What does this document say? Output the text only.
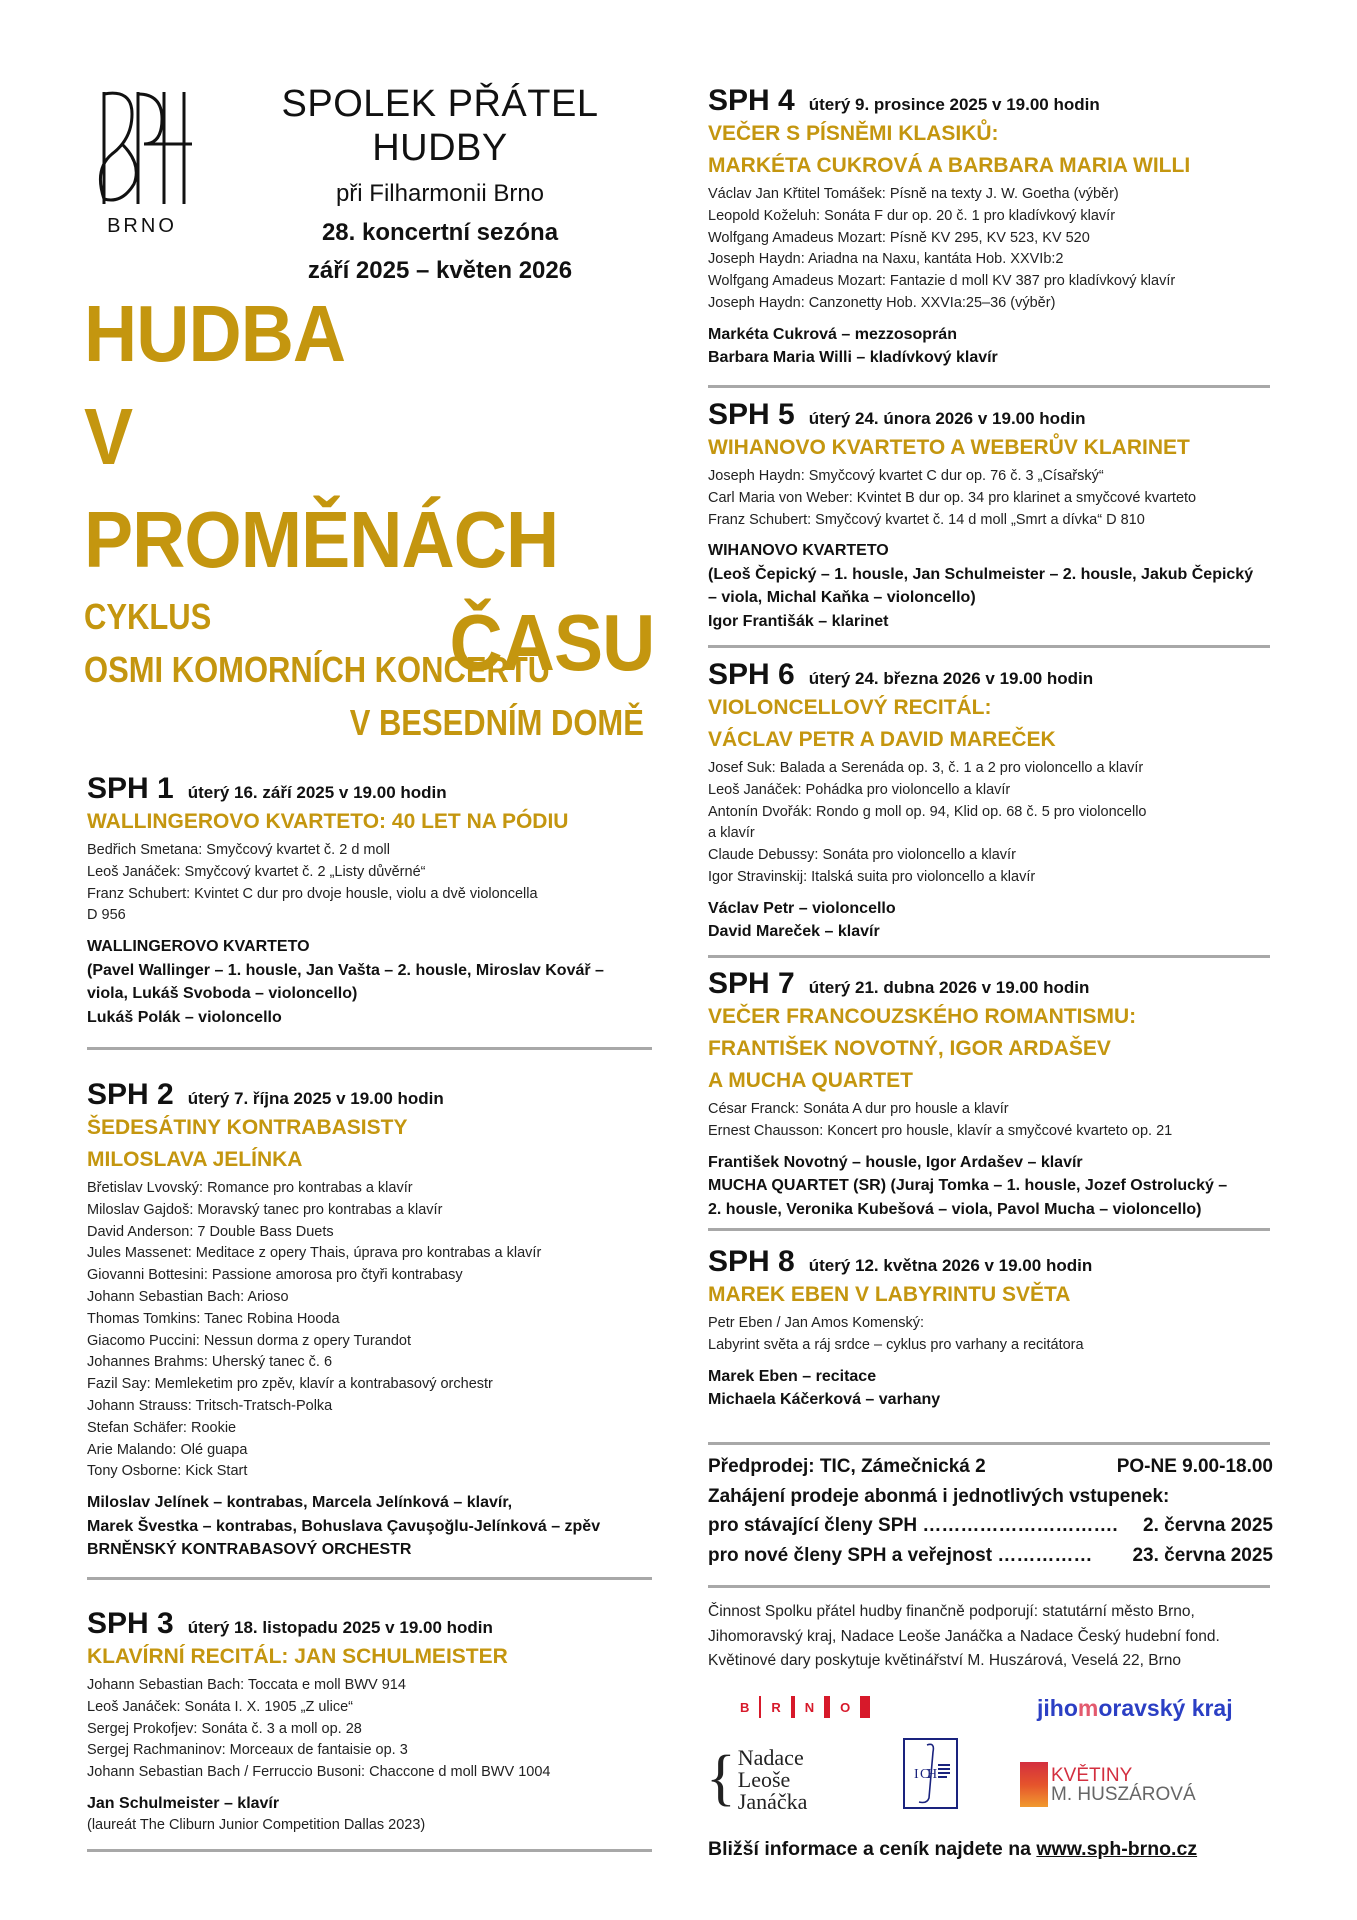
BRNO
SPOLEK PŘÁTEL HUDBY
při Filharmonii Brno
28. koncertní sezóna
září 2025 – květen 2026
HUDBA
V PROMĚNÁCH
ČASU
CYKLUS
OSMI KOMORNÍCH KONCERTŮ
V BESEDNÍM DOMĚ
SPH 1 úterý 16. září 2025 v 19.00 hodin
WALLINGEROVO KVARTETO: 40 LET NA PÓDIU
Bedřich Smetana: Smyčcový kvartet č. 2 d moll
Leoš Janáček: Smyčcový kvartet č. 2 „Listy důvěrné“
Franz Schubert: Kvintet C dur pro dvoje housle, violu a dvě violoncella
D 956
WALLINGEROVO KVARTETO
(Pavel Wallinger – 1. housle, Jan Vašta – 2. housle, Miroslav Kovář –
viola, Lukáš Svoboda – violoncello)
Lukáš Polák – violoncello
SPH 2 úterý 7. října 2025 v 19.00 hodin
ŠEDESÁTINY KONTRABASISTY
MILOSLAVA JELÍNKA
Břetislav Lvovský: Romance pro kontrabas a klavír
Miloslav Gajdoš: Moravský tanec pro kontrabas a klavír
David Anderson: 7 Double Bass Duets
Jules Massenet: Meditace z opery Thais, úprava pro kontrabas a klavír
Giovanni Bottesini: Passione amorosa pro čtyři kontrabasy
Johann Sebastian Bach: Arioso
Thomas Tomkins: Tanec Robina Hooda
Giacomo Puccini: Nessun dorma z opery Turandot
Johannes Brahms: Uherský tanec č. 6
Fazil Say: Memleketim pro zpěv, klavír a kontrabasový orchestr
Johann Strauss: Tritsch-Tratsch-Polka
Stefan Schäfer: Rookie
Arie Malando: Olé guapa
Tony Osborne: Kick Start
Miloslav Jelínek – kontrabas, Marcela Jelínková – klavír,
Marek Švestka – kontrabas, Bohuslava Çavuşoğlu-Jelínková – zpěv
BRNĚNSKÝ KONTRABASOVÝ ORCHESTR
SPH 3 úterý 18. listopadu 2025 v 19.00 hodin
KLAVÍRNÍ RECITÁL: JAN SCHULMEISTER
Johann Sebastian Bach: Toccata e moll BWV 914
Leoš Janáček: Sonáta I. X. 1905 „Z ulice“
Sergej Prokofjev: Sonáta č. 3 a moll op. 28
Sergej Rachmaninov: Morceaux de fantaisie op. 3
Johann Sebastian Bach / Ferruccio Busoni: Chaccone d moll BWV 1004
Jan Schulmeister – klavír
(laureát The Cliburn Junior Competition Dallas 2023)
SPH 4 úterý 9. prosince 2025 v 19.00 hodin
VEČER S PÍSNĚMI KLASIKŮ:
MARKÉTA CUKROVÁ A BARBARA MARIA WILLI
Václav Jan Křtitel Tomášek: Písně na texty J. W. Goetha (výběr)
Leopold Koželuh: Sonáta F dur op. 20 č. 1 pro kladívkový klavír
Wolfgang Amadeus Mozart: Písně KV 295, KV 523, KV 520
Joseph Haydn: Ariadna na Naxu, kantáta Hob. XXVIb:2
Wolfgang Amadeus Mozart: Fantazie d moll KV 387 pro kladívkový klavír
Joseph Haydn: Canzonetty Hob. XXVIa:25–36 (výběr)
Markéta Cukrová – mezzosoprán
Barbara Maria Willi – kladívkový klavír
SPH 5 úterý 24. února 2026 v 19.00 hodin
WIHANOVO KVARTETO A WEBERŮV KLARINET
Joseph Haydn: Smyčcový kvartet C dur op. 76 č. 3 „Císařský“
Carl Maria von Weber: Kvintet B dur op. 34 pro klarinet a smyčcové kvarteto
Franz Schubert: Smyčcový kvartet č. 14 d moll „Smrt a dívka“ D 810
WIHANOVO KVARTETO
(Leoš Čepický – 1. housle, Jan Schulmeister – 2. housle, Jakub Čepický
– viola, Michal Kaňka – violoncello)
Igor Františák – klarinet
SPH 6 úterý 24. března 2026 v 19.00 hodin
VIOLONCELLOVÝ RECITÁL:
VÁCLAV PETR A DAVID MAREČEK
Josef Suk: Balada a Serenáda op. 3, č. 1 a 2 pro violoncello a klavír
Leoš Janáček: Pohádka pro violoncello a klavír
Antonín Dvořák: Rondo g moll op. 94, Klid op. 68 č. 5 pro violoncello
a klavír
Claude Debussy: Sonáta pro violoncello a klavír
Igor Stravinskij: Italská suita pro violoncello a klavír
Václav Petr – violoncello
David Mareček – klavír
SPH 7 úterý 21. dubna 2026 v 19.00 hodin
VEČER FRANCOUZSKÉHO ROMANTISMU:
FRANTIŠEK NOVOTNÝ, IGOR ARDAŠEV
A MUCHA QUARTET
César Franck: Sonáta A dur pro housle a klavír
Ernest Chausson: Koncert pro housle, klavír a smyčcové kvarteto op. 21
František Novotný – housle, Igor Ardašev – klavír
MUCHA QUARTET (SR) (Juraj Tomka – 1. housle, Jozef Ostrolucký –
2. housle, Veronika Kubešová – viola, Pavol Mucha – violoncello)
SPH 8 úterý 12. května 2026 v 19.00 hodin
MAREK EBEN V LABYRINTU SVĚTA
Petr Eben / Jan Amos Komenský:
Labyrint světa a ráj srdce – cyklus pro varhany a recitátora
Marek Eben – recitace
Michaela Káčerková – varhany
Předprodej: TIC, Zámečnická 2	PO-NE 9.00-18.00
Zahájení prodeje abonmá i jednotlivých vstupenek:
pro stávající členy SPH …………………………. 2. června 2025
pro nové členy SPH a veřejnost …………… 23. června 2025
Činnost Spolku přátel hudby finančně podporují: statutární město Brno,
Jihomoravský kraj, Nadace Leoše Janáčka a Nadace Český hudební fond.
Květinové dary poskytuje květinářství M. Huszárová, Veselá 22, Brno
B R N O	jihomoravský kraj
{ Nadace
Leoše
Janáčka
I C
H	KVĚTINY
M. HUSZÁROVÁ
Bližší informace a ceník najdete na www.sph-brno.cz
